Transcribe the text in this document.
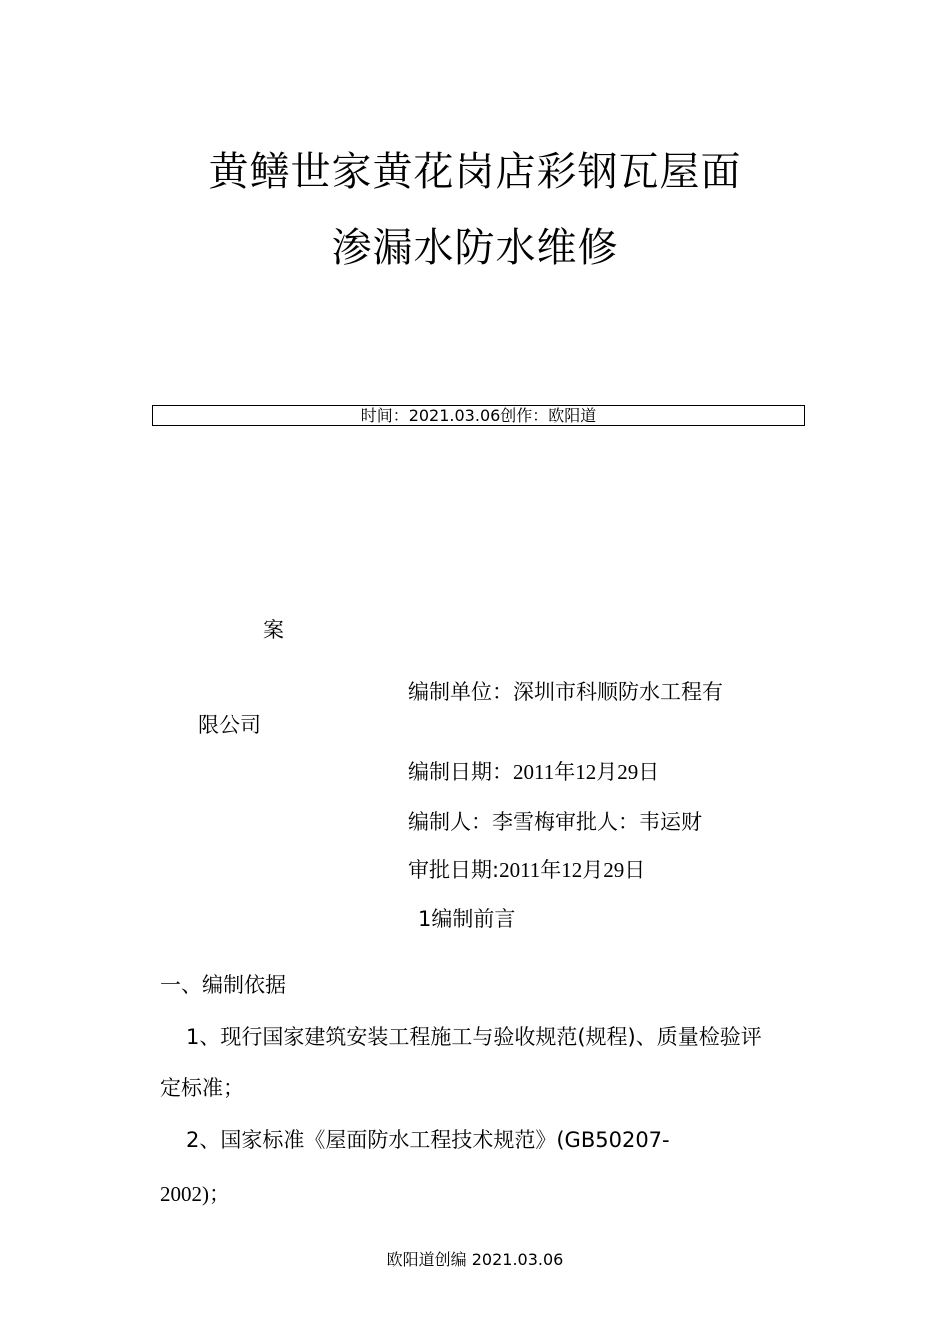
黄鳝世家黄花岗店彩钢瓦屋面
渗漏水防水维修
时间：2021.03.06创作：欧阳道
案
编制单位：深圳市科顺防水工程有
限公司
编制日期：2011年12月29日
编制人：李雪梅审批人：韦运财
审批日期:2011年12月29日
1编制前言
一、编制依据
1、现行国家建筑安装工程施工与验收规范(规程)、质量检验评
定标准；
2、国家标准《屋面防水工程技术规范》(GB50207-
2002)；
欧阳道创编 2021.03.06
